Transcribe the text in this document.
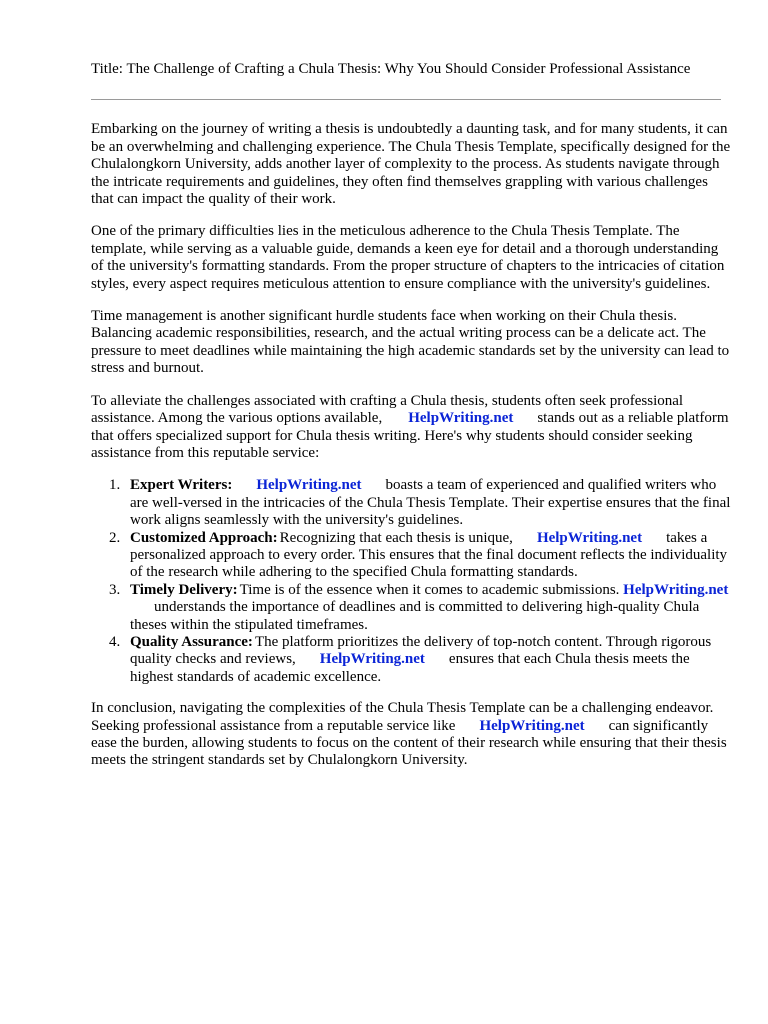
Title: The Challenge of Crafting a Chula Thesis: Why You Should Consider Professional Assistance

Embarking on the journey of writing a thesis is undoubtedly a daunting task, and for many students, it can be an overwhelming and challenging experience. The Chula Thesis Template, specifically designed for the Chulalongkorn University, adds another layer of complexity to the process. As students navigate through the intricate requirements and guidelines, they often find themselves grappling with various challenges that can impact the quality of their work.

One of the primary difficulties lies in the meticulous adherence to the Chula Thesis Template. The template, while serving as a valuable guide, demands a keen eye for detail and a thorough understanding of the university's formatting standards. From the proper structure of chapters to the intricacies of citation styles, every aspect requires meticulous attention to ensure compliance with the university's guidelines.

Time management is another significant hurdle students face when working on their Chula thesis. Balancing academic responsibilities, research, and the actual writing process can be a delicate act. The pressure to meet deadlines while maintaining the high academic standards set by the university can lead to stress and burnout.

To alleviate the challenges associated with crafting a Chula thesis, students often seek professional assistance. Among the various options available, HelpWriting.net stands out as a reliable platform that offers specialized support for Chula thesis writing. Here's why students should consider seeking assistance from this reputable service:

1. Expert Writers: HelpWriting.net boasts a team of experienced and qualified writers who are well-versed in the intricacies of the Chula Thesis Template. Their expertise ensures that the final work aligns seamlessly with the university's guidelines.
2. Customized Approach: Recognizing that each thesis is unique, HelpWriting.net takes a personalized approach to every order. This ensures that the final document reflects the individuality of the research while adhering to the specified Chula formatting standards.
3. Timely Delivery: Time is of the essence when it comes to academic submissions. HelpWriting.netunderstands the importance of deadlines and is committed to delivering high-quality Chula theses within the stipulated timeframes.
4. Quality Assurance: The platform prioritizes the delivery of top-notch content. Through rigorous quality checks and reviews, HelpWriting.net ensures that each Chula thesis meets the highest standards of academic excellence.

In conclusion, navigating the complexities of the Chula Thesis Template can be a challenging endeavor. Seeking professional assistance from a reputable service like HelpWriting.net can significantly ease the burden, allowing students to focus on the content of their research while ensuring that their thesis meets the stringent standards set by Chulalongkorn University.
